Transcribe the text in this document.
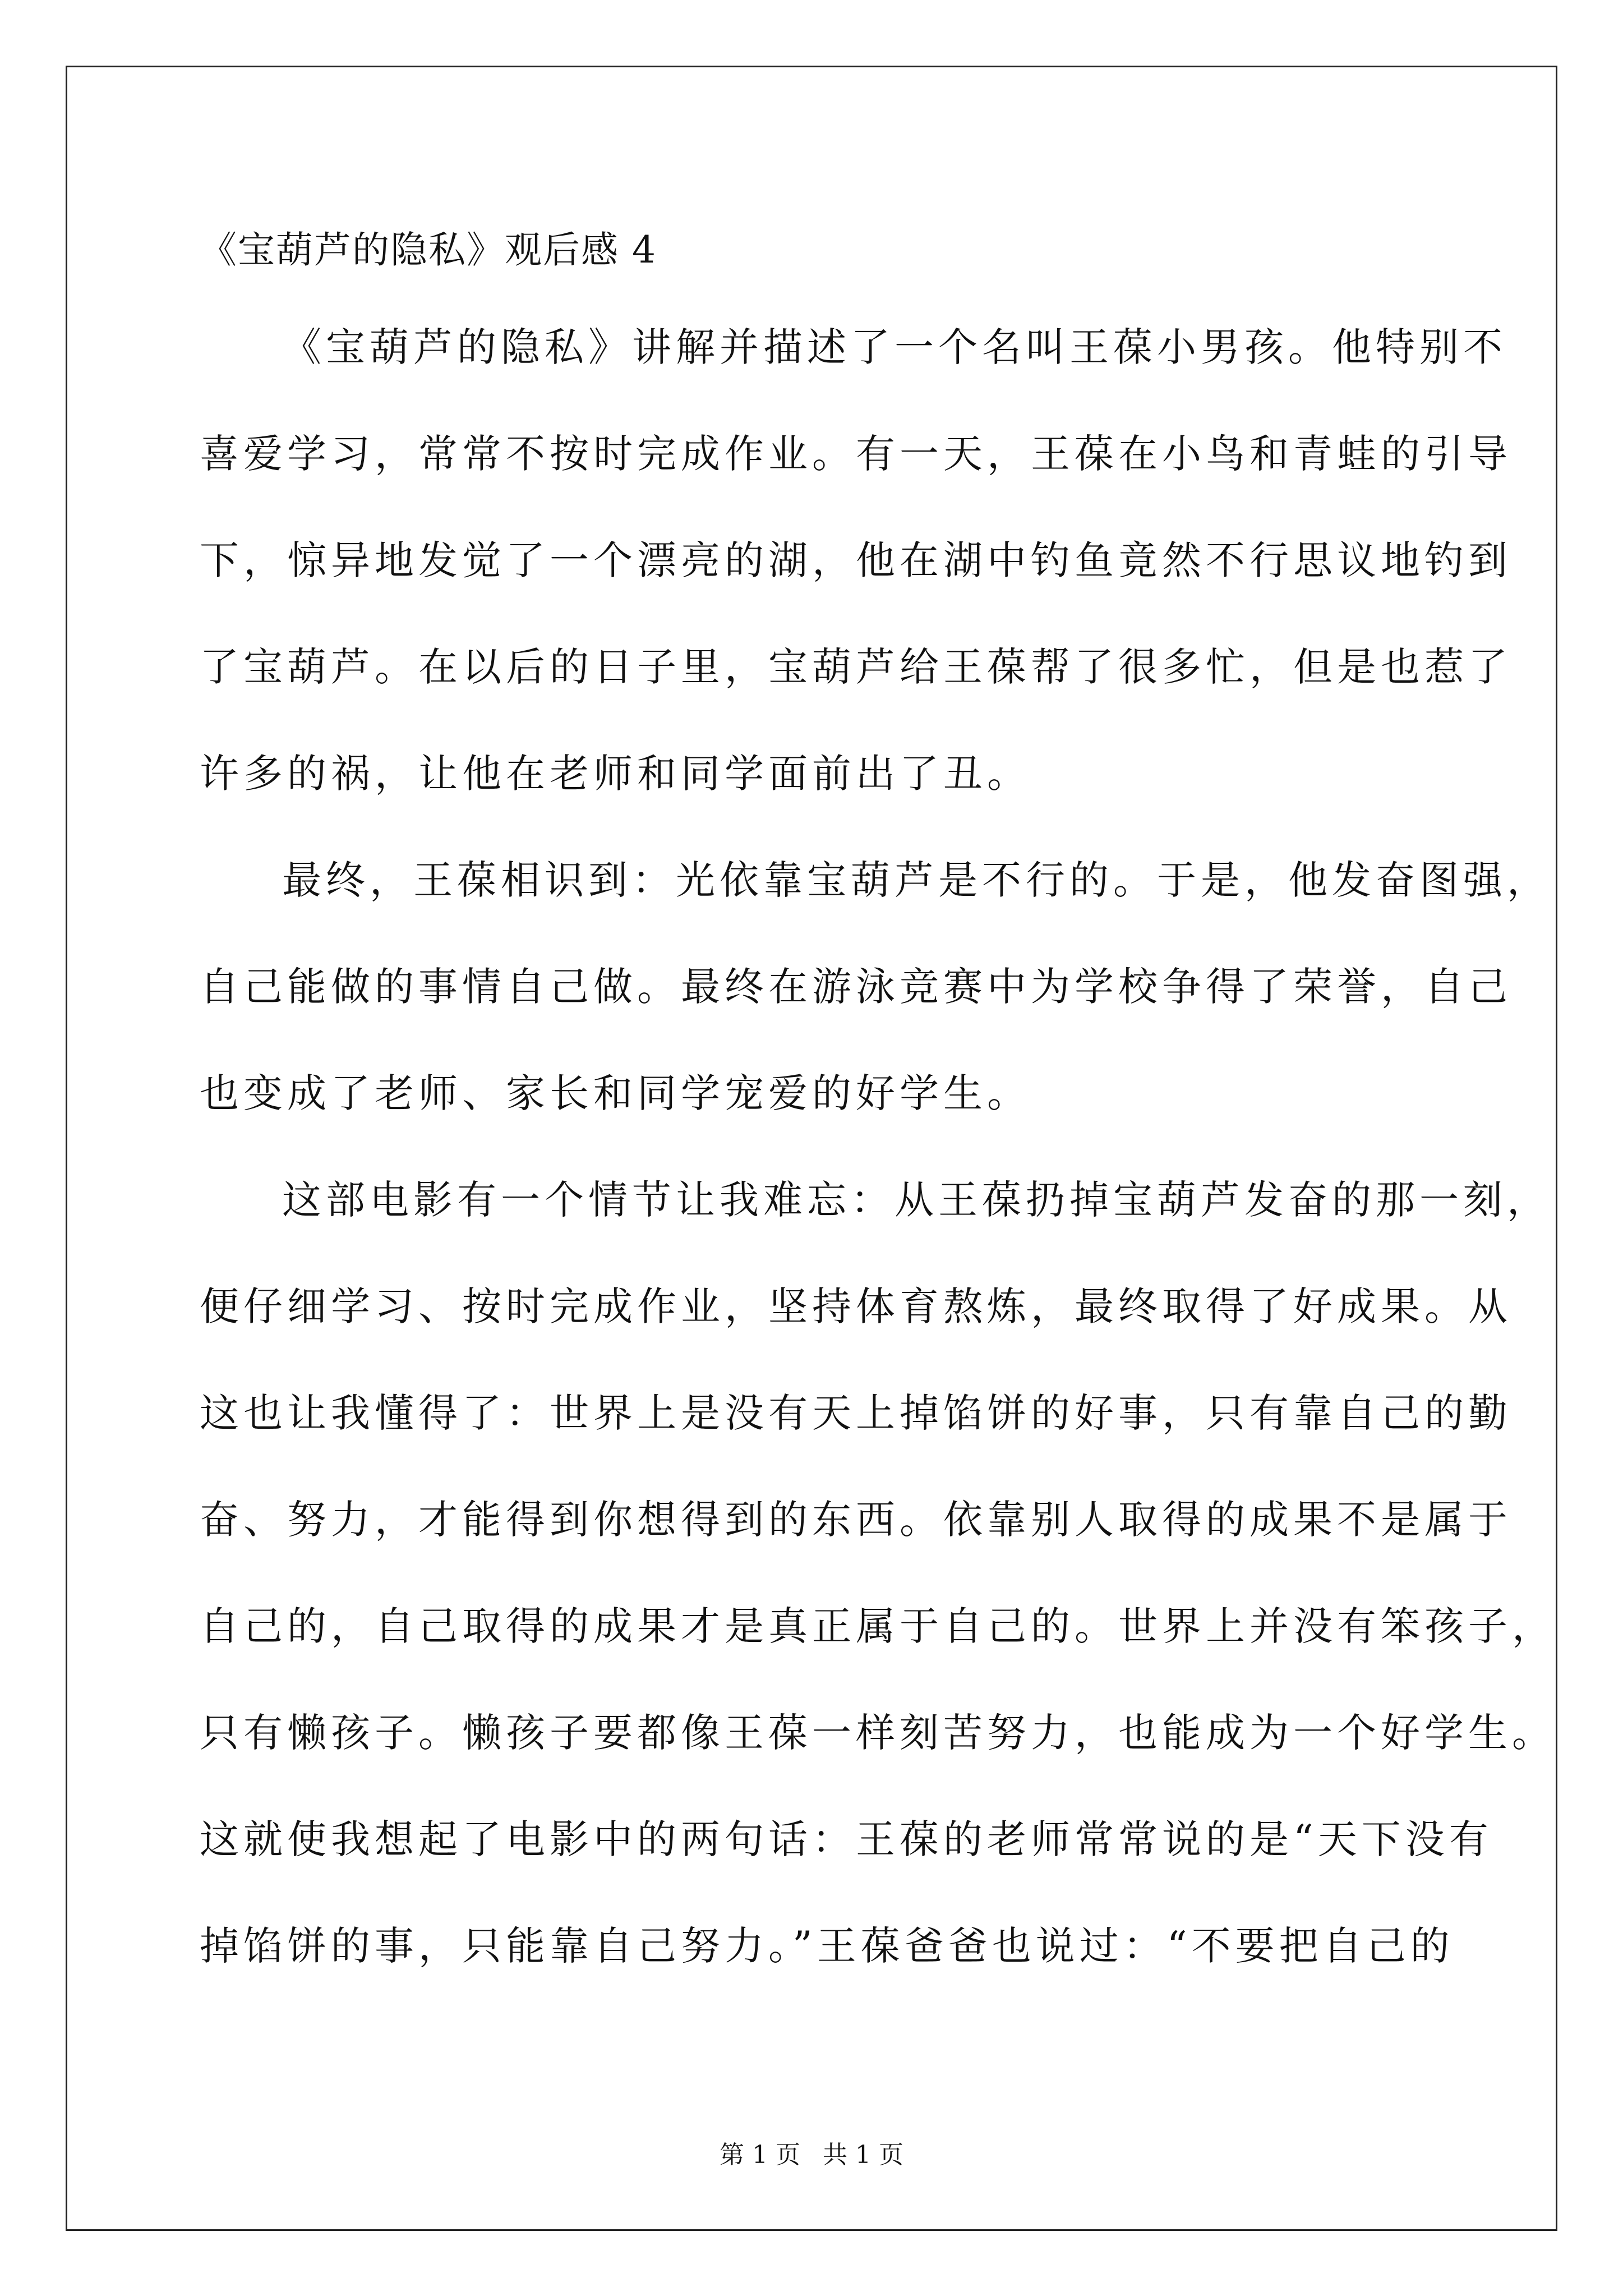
《宝葫芦的隐私》观后感 4
《宝葫芦的隐私》讲解并描述了一个名叫王葆小男孩。他特别不
喜爱学习，常常不按时完成作业。有一天，王葆在小鸟和青蛙的引导
下，惊异地发觉了一个漂亮的湖，他在湖中钓鱼竟然不行思议地钓到
了宝葫芦。在以后的日子里，宝葫芦给王葆帮了很多忙，但是也惹了
许多的祸，让他在老师和同学面前出了丑。
最终，王葆相识到：光依靠宝葫芦是不行的。于是，他发奋图强，
自己能做的事情自己做。最终在游泳竞赛中为学校争得了荣誉，自己
也变成了老师、家长和同学宠爱的好学生。
这部电影有一个情节让我难忘：从王葆扔掉宝葫芦发奋的那一刻，
便仔细学习、按时完成作业，坚持体育熬炼，最终取得了好成果。从
这也让我懂得了：世界上是没有天上掉馅饼的好事，只有靠自己的勤
奋、努力，才能得到你想得到的东西。依靠别人取得的成果不是属于
自己的，自己取得的成果才是真正属于自己的。世界上并没有笨孩子，
只有懒孩子。懒孩子要都像王葆一样刻苦努力，也能成为一个好学生。
这就使我想起了电影中的两句话：王葆的老师常常说的是“天下没有
掉馅饼的事，只能靠自己努力。”王葆爸爸也说过：“不要把自己的
第 1 页 共 1 页
